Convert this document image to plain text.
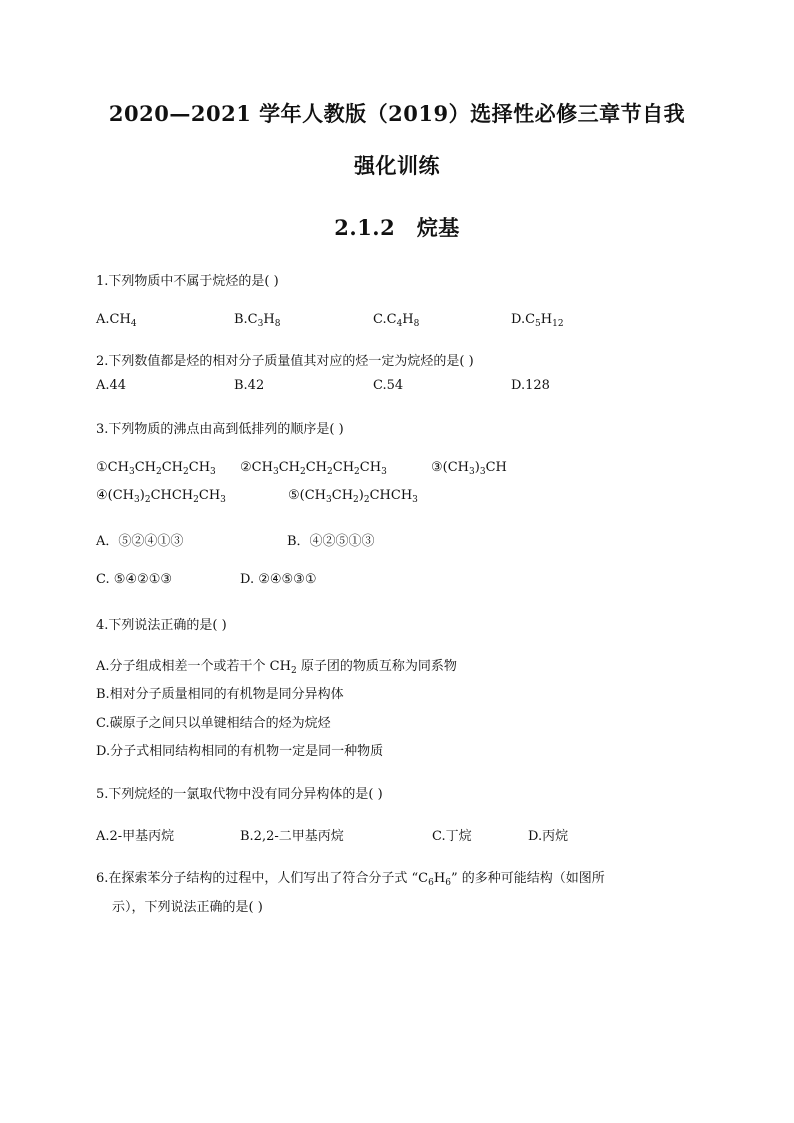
2020—2021 学年人教版（2019）选择性必修三章节自我
强化训练
2.1.2　烷基
1.下列物质中不属于烷烃的是( )
$A.CH_4$	$B.C_3H_8$	$C.C_4H_8$	$D.C_5H_{12}$
2.下列数值都是烃的相对分子质量值其对应的烃一定为烷烃的是( )
A.44	B.42	C.54	D.128
3.下列物质的沸点由高到低排列的顺序是( )
$①CH_3CH_2CH_2CH_3$ $②CH_3CH_2CH_2CH_2CH_3$	$③(CH_3)_3CH$
$④(CH_3)_2CHCH_2CH_3$	$⑤(CH_3CH_2)_2CHCH_3$
A．⑤②④①③	B．④②⑤①③
C. ⑤④②①③	D. ②④⑤③①
4.下列说法正确的是( )
A.分子组成相差一个或若干个 $CH_2$ 原子团的物质互称为同系物
B.相对分子质量相同的有机物是同分异构体
C.碳原子之间只以单键相结合的烃为烷烃
D.分子式相同结构相同的有机物一定是同一种物质
5.下列烷烃的一氯取代物中没有同分异构体的是( )
A.2-甲基丙烷	B.2,2-二甲基丙烷	C.丁烷	D.丙烷
6.在探索苯分子结构的过程中，人们写出了符合分子式 “$C_6H_6$” 的多种可能结构（如图所
示），下列说法正确的是( )
